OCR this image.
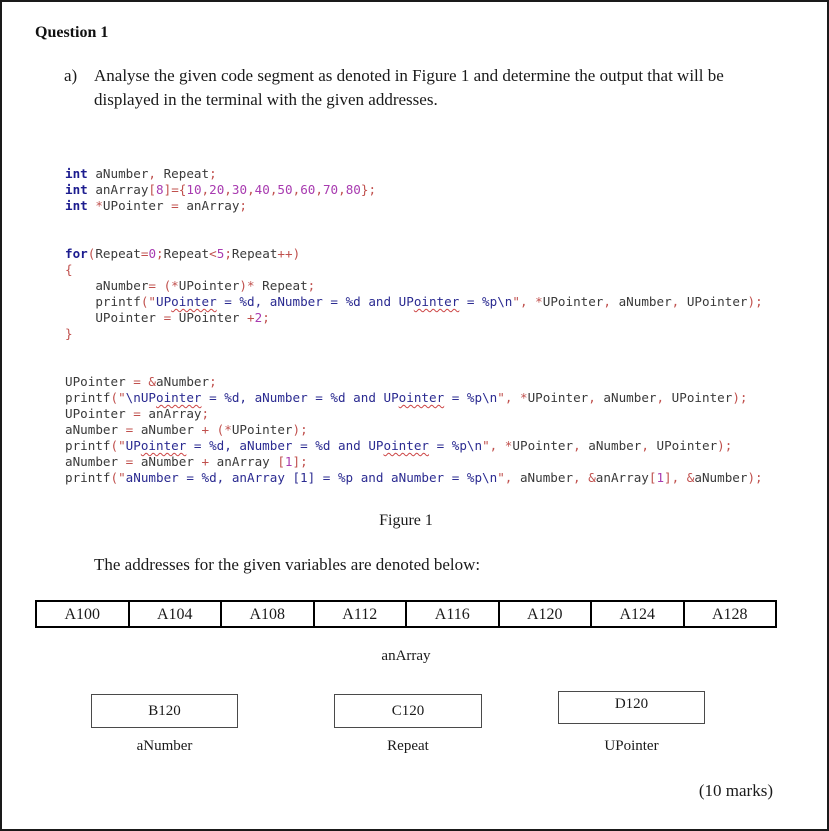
Question 1
a) Analyse the given code segment as denoted in Figure 1 and determine the output that will be displayed in the terminal with the given addresses.
int aNumber, Repeat;
int anArray[8]={10,20,30,40,50,60,70,80};
int *UPointer = anArray;

for(Repeat=0;Repeat<5;Repeat++)
{
aNumber= (*UPointer)* Repeat;
printf("UPointer = %d, aNumber = %d and UPointer = %p\n", *UPointer, aNumber, UPointer);
UPointer = UPointer +2;
}

UPointer = &aNumber;
printf("\nUPointer = %d, aNumber = %d and UPointer = %p\n", *UPointer, aNumber, UPointer);
UPointer = anArray;
aNumber = aNumber + (*UPointer);
printf("UPointer = %d, aNumber = %d and UPointer = %p\n", *UPointer, aNumber, UPointer);
aNumber = aNumber + anArray [1];
printf("aNumber = %d, anArray [1] = %p and aNumber = %p\n", aNumber, &anArray[1], &aNumber);
Figure 1
The addresses for the given variables are denoted below:
A100	A104	A108	A112	A116	A120	A124	A128
anArray
B120	C120	D120
aNumber	Repeat	UPointer
(10 marks)
